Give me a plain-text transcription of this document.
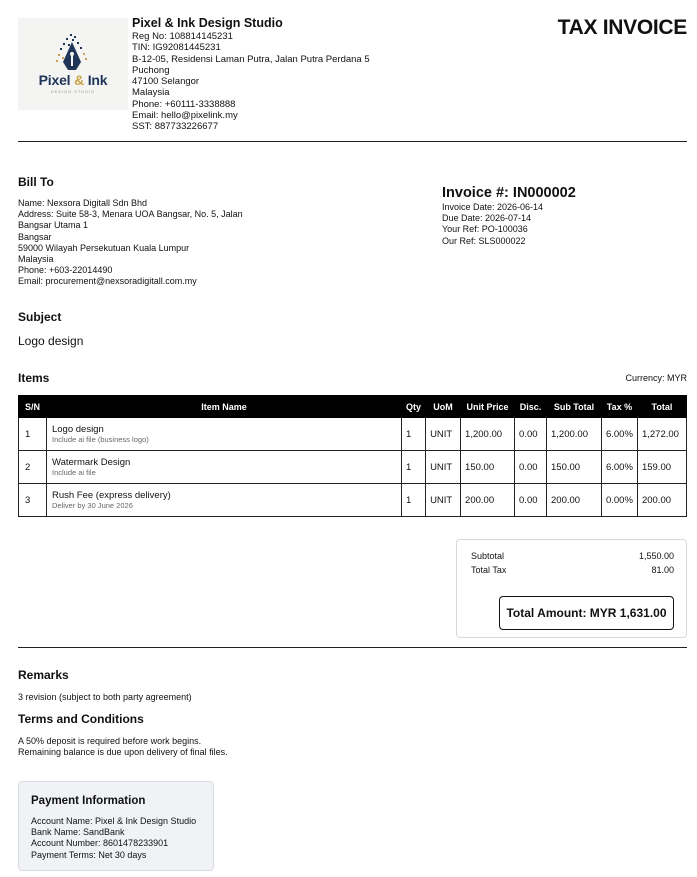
Pixel & Ink
DESIGN STUDIO
Pixel & Ink Design Studio
Reg No: 108814145231
TIN: IG92081445231
B-12-05, Residensi Laman Putra, Jalan Putra Perdana 5
Puchong
47100 Selangor
Malaysia
Phone: +60111-3338888
Email: hello@pixelink.my
SST: 887733226677
TAX INVOICE
Bill To
Name: Nexsora Digitall Sdn Bhd
Address: Suite 58-3, Menara UOA Bangsar, No. 5, Jalan
Bangsar Utama 1
Bangsar
59000 Wilayah Persekutuan Kuala Lumpur
Malaysia
Phone: +603-22014490
Email: procurement@nexsoradigitall.com.my
Invoice #: IN000002
Invoice Date: 2026-06-14
Due Date: 2026-07-14
Your Ref: PO-100036
Our Ref: SLS000022
Subject
Logo design
Items	Currency: MYR
S/N	Item Name	Qty	UoM	Unit Price	Disc.	Sub Total	Tax %	Total
1	Logo design
Include ai file (business logo)	1	UNIT	1,200.00	0.00	1,200.00	6.00%	1,272.00
2	Watermark Design
Include ai file	1	UNIT	150.00	0.00	150.00	6.00%	159.00
3	Rush Fee (express delivery)
Deliver by 30 June 2026	1	UNIT	200.00	0.00	200.00	0.00%	200.00
Subtotal	1,550.00
Total Tax	81.00
Total Amount: MYR 1,631.00
Remarks
3 revision (subject to both party agreement)
Terms and Conditions
A 50% deposit is required before work begins.
Remaining balance is due upon delivery of final files.
Payment Information
Account Name: Pixel & Ink Design Studio
Bank Name: SandBank
Account Number: 8601478233901
Payment Terms: Net 30 days
